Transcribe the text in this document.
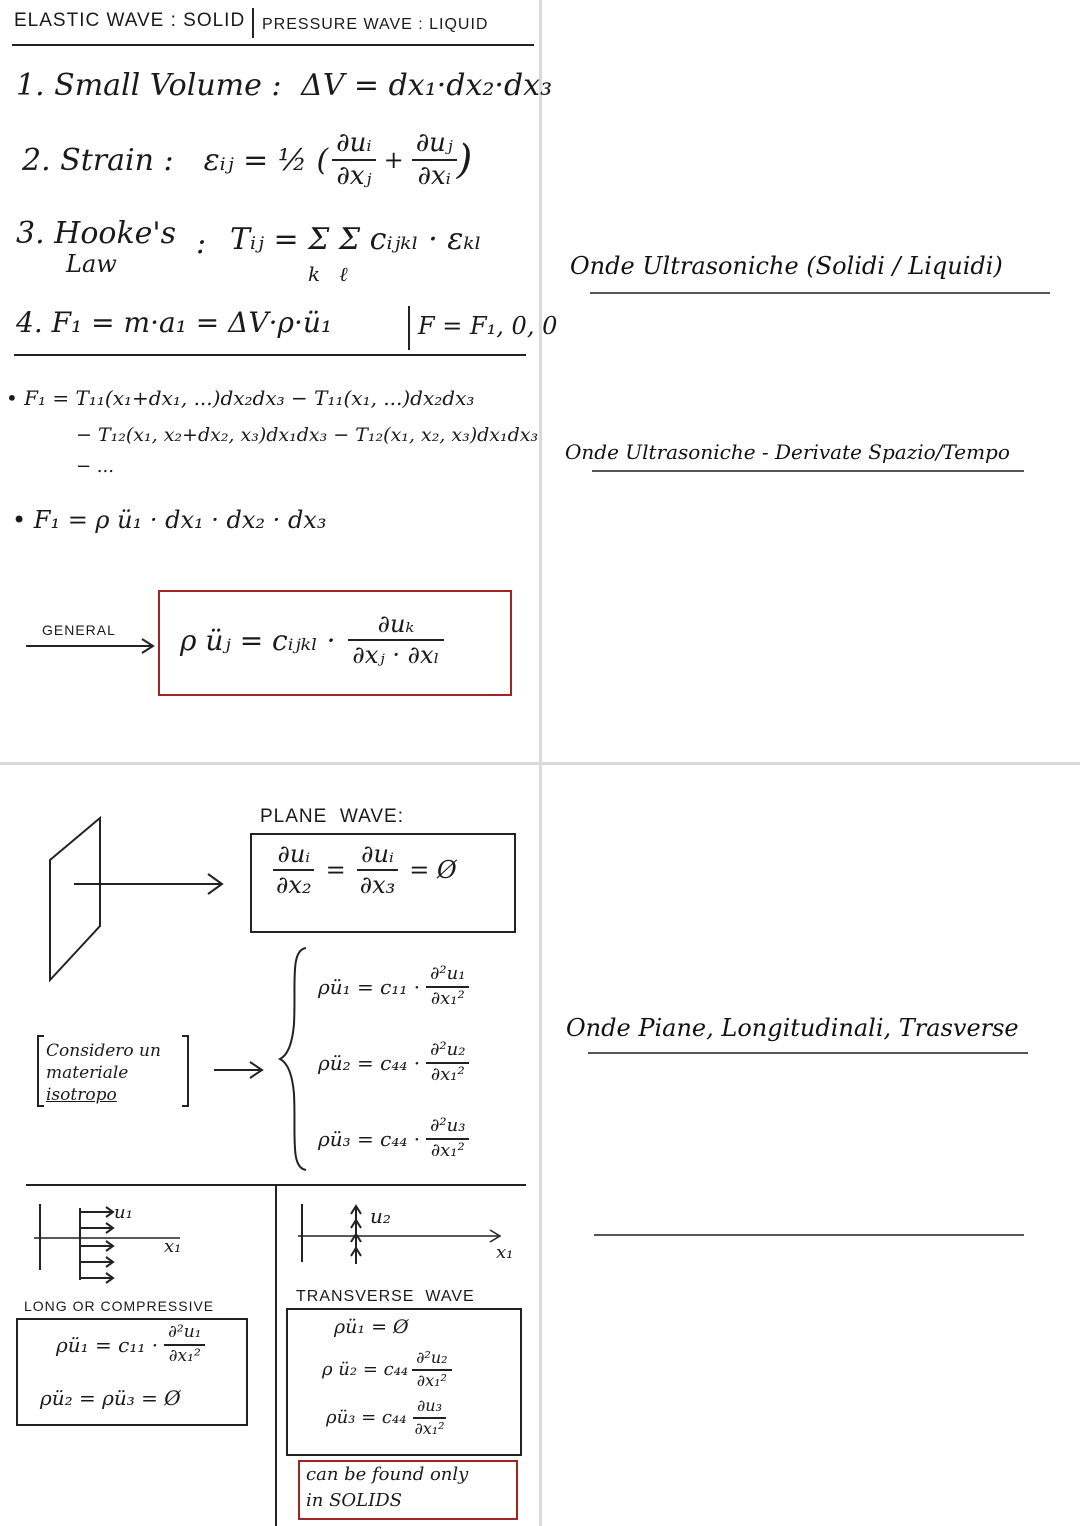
ELASTIC WAVE : SOLID PRESSURE WAVE : LIQUID
1. Small Volume : ΔV = dx₁·dx₂·dx₃
2. Strain : εᵢⱼ = ½ ( $\frac{\text{∂uᵢ}}{\text{∂xⱼ}} + \frac{\text{∂uⱼ}}{\text{∂xᵢ}}$ )
3. Hooke's
Law
: Tᵢⱼ = Σ Σ cᵢⱼₖₗ · εₖₗ
k   ℓ
4. F₁ = m·a₁ = ΔV·ρ·ü₁	F = F₁, 0, 0
• F₁ = T₁₁(x₁+dx₁, ...)dx₂dx₃ − T₁₁(x₁, ...)dx₂dx₃
− T₁₂(x₁, x₂+dx₂, x₃)dx₁dx₃ − T₁₂(x₁, x₂, x₃)dx₁dx₃
− ...
• F₁ = ρ ü₁ · dx₁ · dx₂ · dx₃
GENERAL ρ üⱼ = cᵢⱼₖₗ · $\frac{\text{∂uₖ}}{\text{∂xⱼ · ∂xₗ}}$
Onde Ultrasoniche (Solidi / Liquidi)
Onde Ultrasoniche - Derivate Spazio/Tempo
PLANE  WAVE:
$\frac{\text{∂uᵢ}}{\text{∂x₂}} = \frac{\text{∂uᵢ}}{\text{∂x₃}}$ = Ø
Considero un
materiale
isotropo
ρü₁ = $c_{11} \cdot \frac{\text{∂²u₁}}{\text{∂x₁²}}$
ρü₂ = $c_{44} \cdot \frac{\text{∂²u₂}}{\text{∂x₁²}}$
ρü₃ = $c_{44} \cdot \frac{\text{∂²u₃}}{\text{∂x₁²}}$
u₁
x₁
LONG OR COMPRESSIVE
ρü₁ = $c_{11} \cdot \frac{\text{∂²u₁}}{\text{∂x₁²}}$
ρü₂ = ρü₃ = Ø
u₂
x₁
TRANSVERSE  WAVE
ρü₁ = Ø
ρ ü₂ = $c_{44} \frac{\text{∂²u₂}}{\text{∂x₁²}}$
ρü₃ = $c_{44} \frac{\text{∂u₃}}{\text{∂x₁²}}$
can be found only
in SOLIDS
Onde Piane, Longitudinali, Trasverse
